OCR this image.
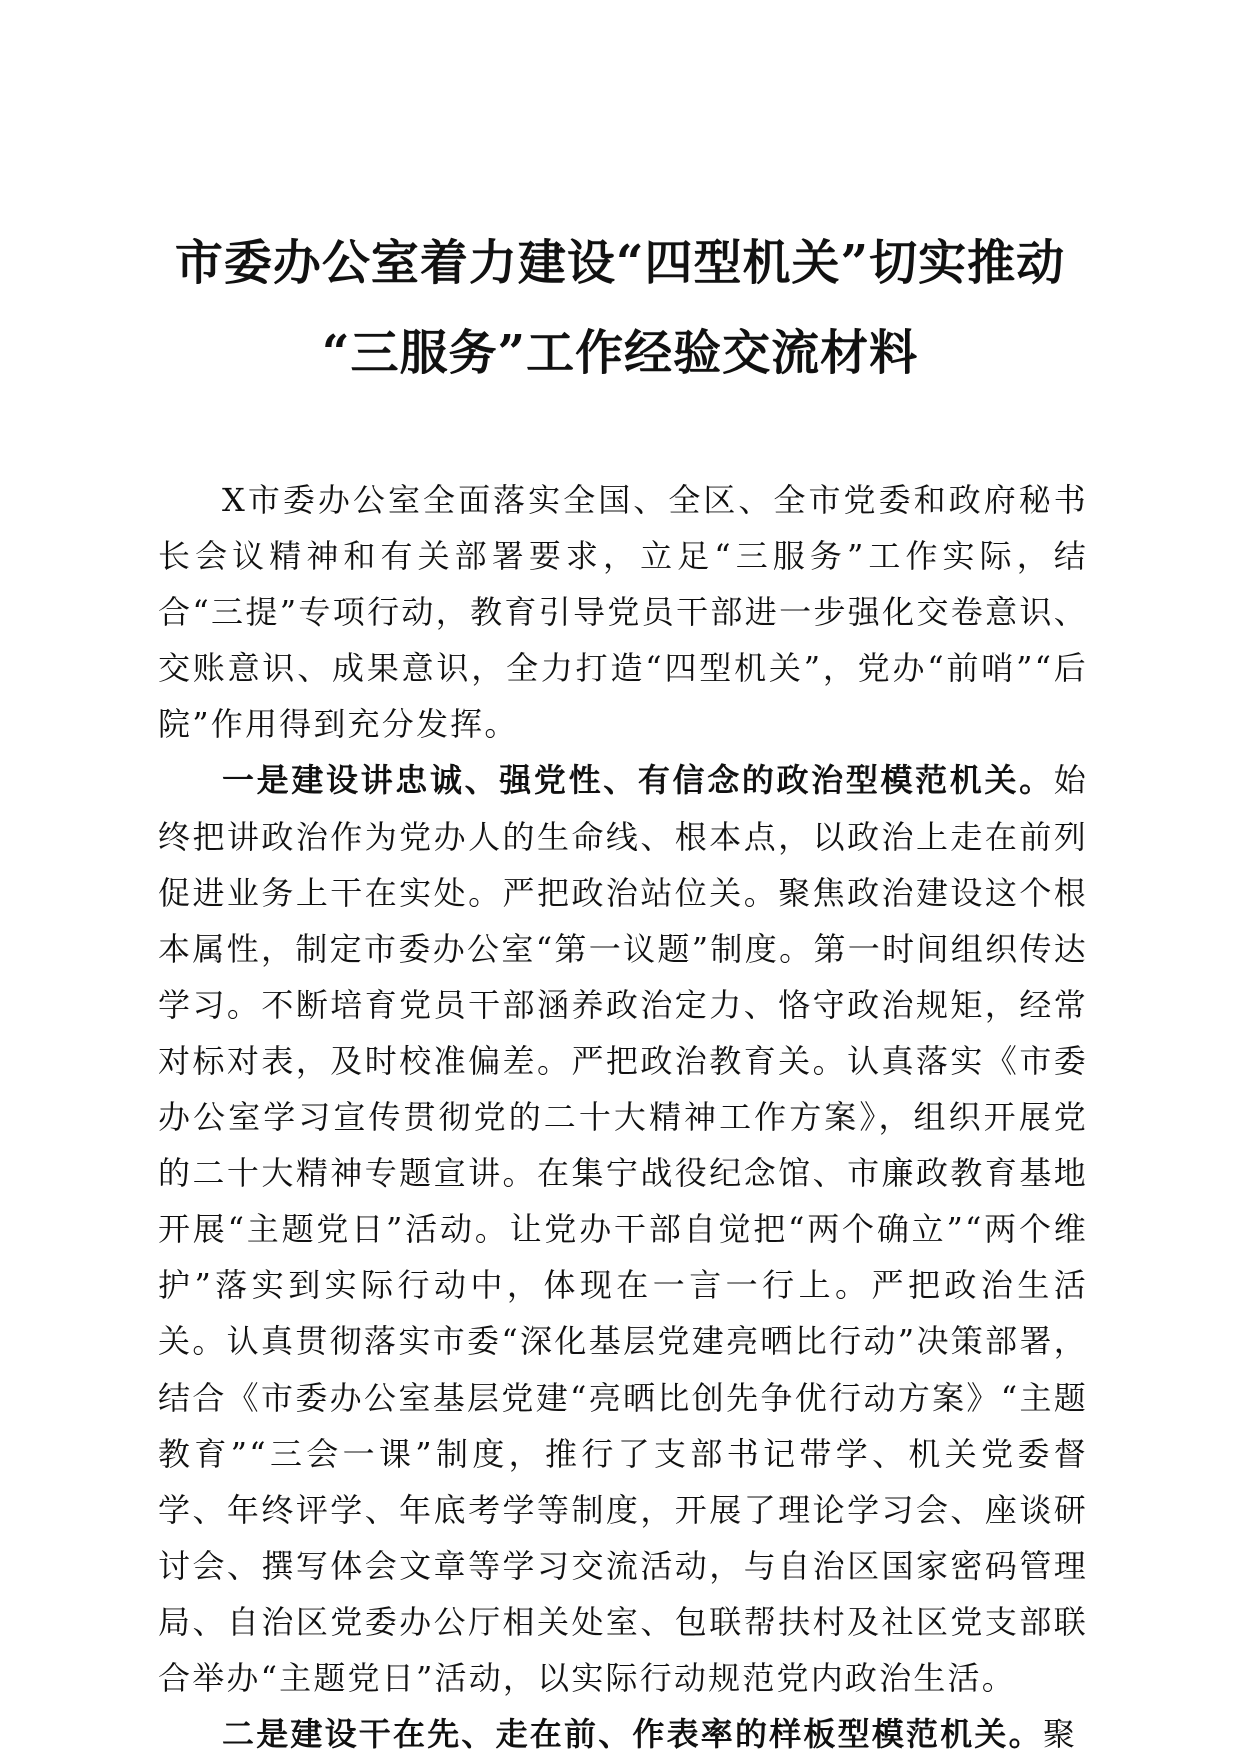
市委办公室着力建设“四型机关”切实推动
“三服务”工作经验交流材料

X市委办公室全面落实全国、全区、全市党委和政府秘书长会议精神和有关部署要求，立足“三服务”工作实际，结合“三提”专项行动，教育引导党员干部进一步强化交卷意识、交账意识、成果意识，全力打造“四型机关”，党办“前哨”“后院”作用得到充分发挥。

一是建设讲忠诚、强党性、有信念的政治型模范机关。始终把讲政治作为党办人的生命线、根本点，以政治上走在前列促进业务上干在实处。严把政治站位关。聚焦政治建设这个根本属性，制定市委办公室“第一议题”制度。第一时间组织传达学习。不断培育党员干部涵养政治定力、恪守政治规矩，经常对标对表，及时校准偏差。严把政治教育关。认真落实《市委办公室学习宣传贯彻党的二十大精神工作方案》，组织开展党的二十大精神专题宣讲。在集宁战役纪念馆、市廉政教育基地开展“主题党日”活动。让党办干部自觉把“两个确立”“两个维护”落实到实际行动中，体现在一言一行上。严把政治生活关。认真贯彻落实市委“深化基层党建亮晒比行动”决策部署，结合《市委办公室基层党建“亮晒比创先争优行动方案》“主题教育”“三会一课”制度，推行了支部书记带学、机关党委督学、年终评学、年底考学等制度，开展了理论学习会、座谈研讨会、撰写体会文章等学习交流活动，与自治区国家密码管理局、自治区党委办公厅相关处室、包联帮扶村及社区党支部联合举办“主题党日”活动，以实际行动规范党内政治生活。

二是建设干在先、走在前、作表率的样板型模范机关。聚
